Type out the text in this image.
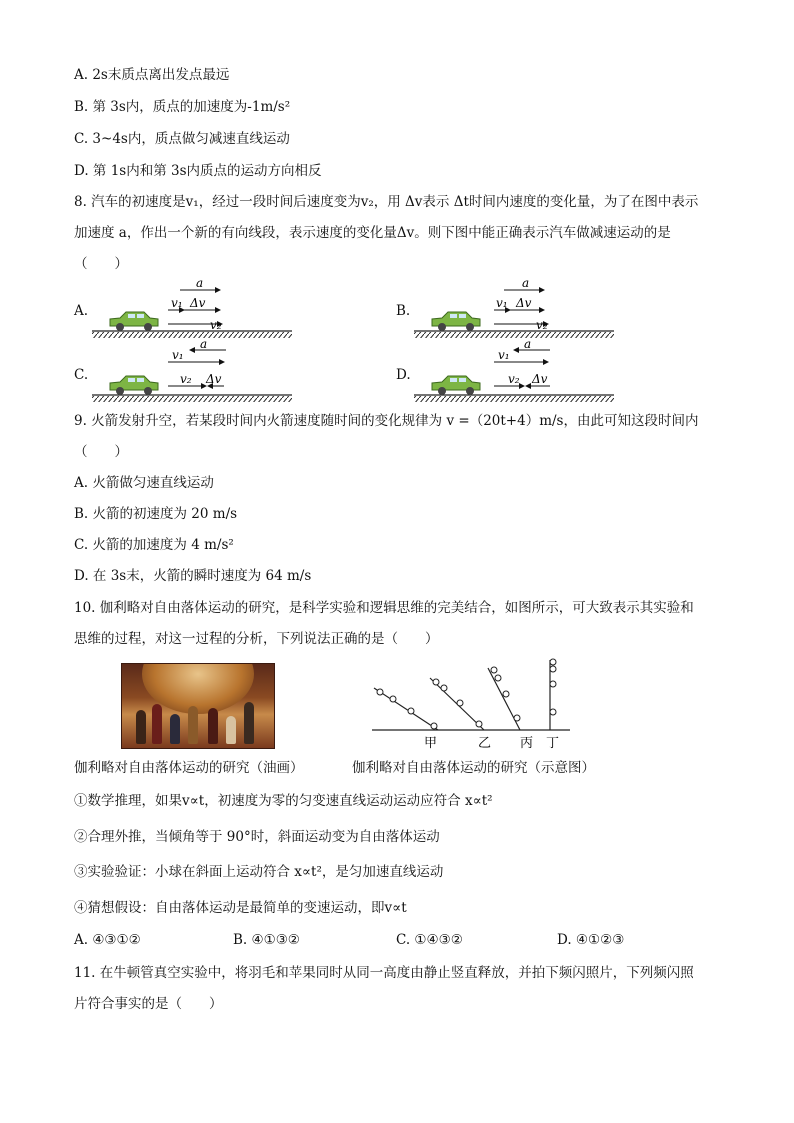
A. 2s末质点离出发点最远
B. 第 3s内，质点的加速度为-1m/s²
C. 3~4s内，质点做匀减速直线运动
D. 第 1s内和第 3s内质点的运动方向相反
8. 汽车的初速度是v₁，经过一段时间后速度变为v₂，用 Δv表示 Δt时间内速度的变化量，为了在图中表示
加速度 a，作出一个新的有向线段，表示速度的变化量Δv。则下图中能正确表示汽车做减速运动的是
（　　）
A.	B.
C.	D.
a
v₁ Δv
v₂
a
v₁ Δv
v₂
a
v₁
v₂ Δv
a
v₁
v₂ Δv
9. 火箭发射升空，若某段时间内火箭速度随时间的变化规律为 v =（20t+4）m/s，由此可知这段时间内
（　　）
A. 火箭做匀速直线运动
B. 火箭的初速度为 20 m/s
C. 火箭的加速度为 4 m/s²
D. 在 3s末，火箭的瞬时速度为 64 m/s
10. 伽利略对自由落体运动的研究，是科学实验和逻辑思维的完美结合，如图所示，可大致表示其实验和
思维的过程，对这一过程的分析，下列说法正确的是（　　）
甲	乙 丙 丁
伽利略对自由落体运动的研究（油画）	伽利略对自由落体运动的研究（示意图）
①数学推理，如果v∝t，初速度为零的匀变速直线运动运动应符合 x∝t²
②合理外推，当倾角等于 90°时，斜面运动变为自由落体运动
③实验验证：小球在斜面上运动符合 x∝t²，是匀加速直线运动
④猜想假设：自由落体运动是最简单的变速运动，即v∝t
A. ④③①②	B. ④①③②	C. ①④③②	D. ④①②③
11. 在牛顿管真空实验中，将羽毛和苹果同时从同一高度由静止竖直释放，并拍下频闪照片，下列频闪照
片符合事实的是（　　）
